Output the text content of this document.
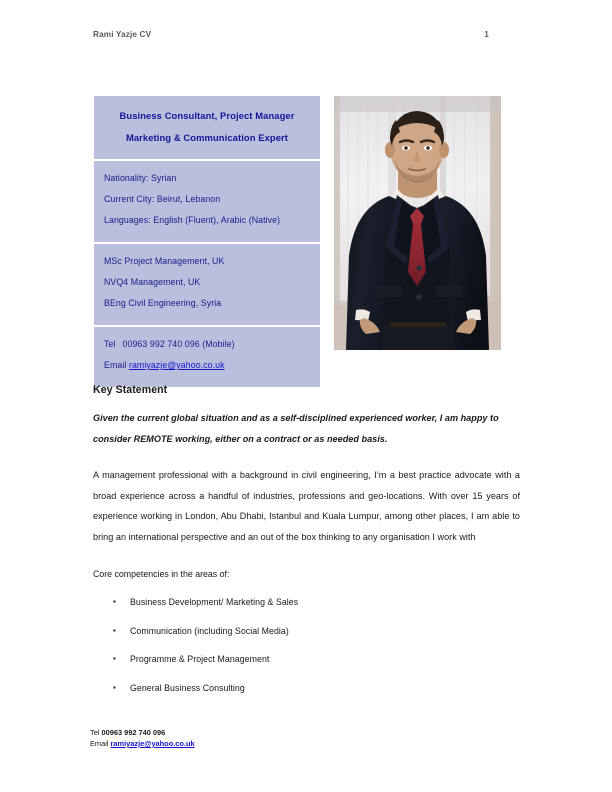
Rami Yazje CV	1
Business Consultant, Project Manager
Marketing & Communication Expert
Nationality: Syrian
Current City: Beirut, Lebanon
Languages: English (Fluent), Arabic (Native)
MSc Project Management, UK
NVQ4 Management, UK
BEng Civil Engineering, Syria
Tel 00963 992 740 096 (Mobile)
Email ramiyazje@yahoo.co.uk
Key Statement

Given the current global situation and as a self-disciplined experienced worker, I am happy to consider REMOTE working, either on a contract or as needed basis.

A management professional with a background in civil engineering, I’m a best practice advocate with a broad experience across a handful of industries, professions and geo-locations. With over 15 years of experience working in London, Abu Dhabi, Istanbul and Kuala Lumpur, among other places, I am able to bring an international perspective and an out of the box thinking to any organisation I work with

Core competencies in the areas of:

▪ Business Development/ Marketing & Sales
▪ Communication (including Social Media)
▪ Programme & Project Management
▪ General Business Consulting
Tel 00963 992 740 096
Email ramiyazje@yahoo.co.uk
